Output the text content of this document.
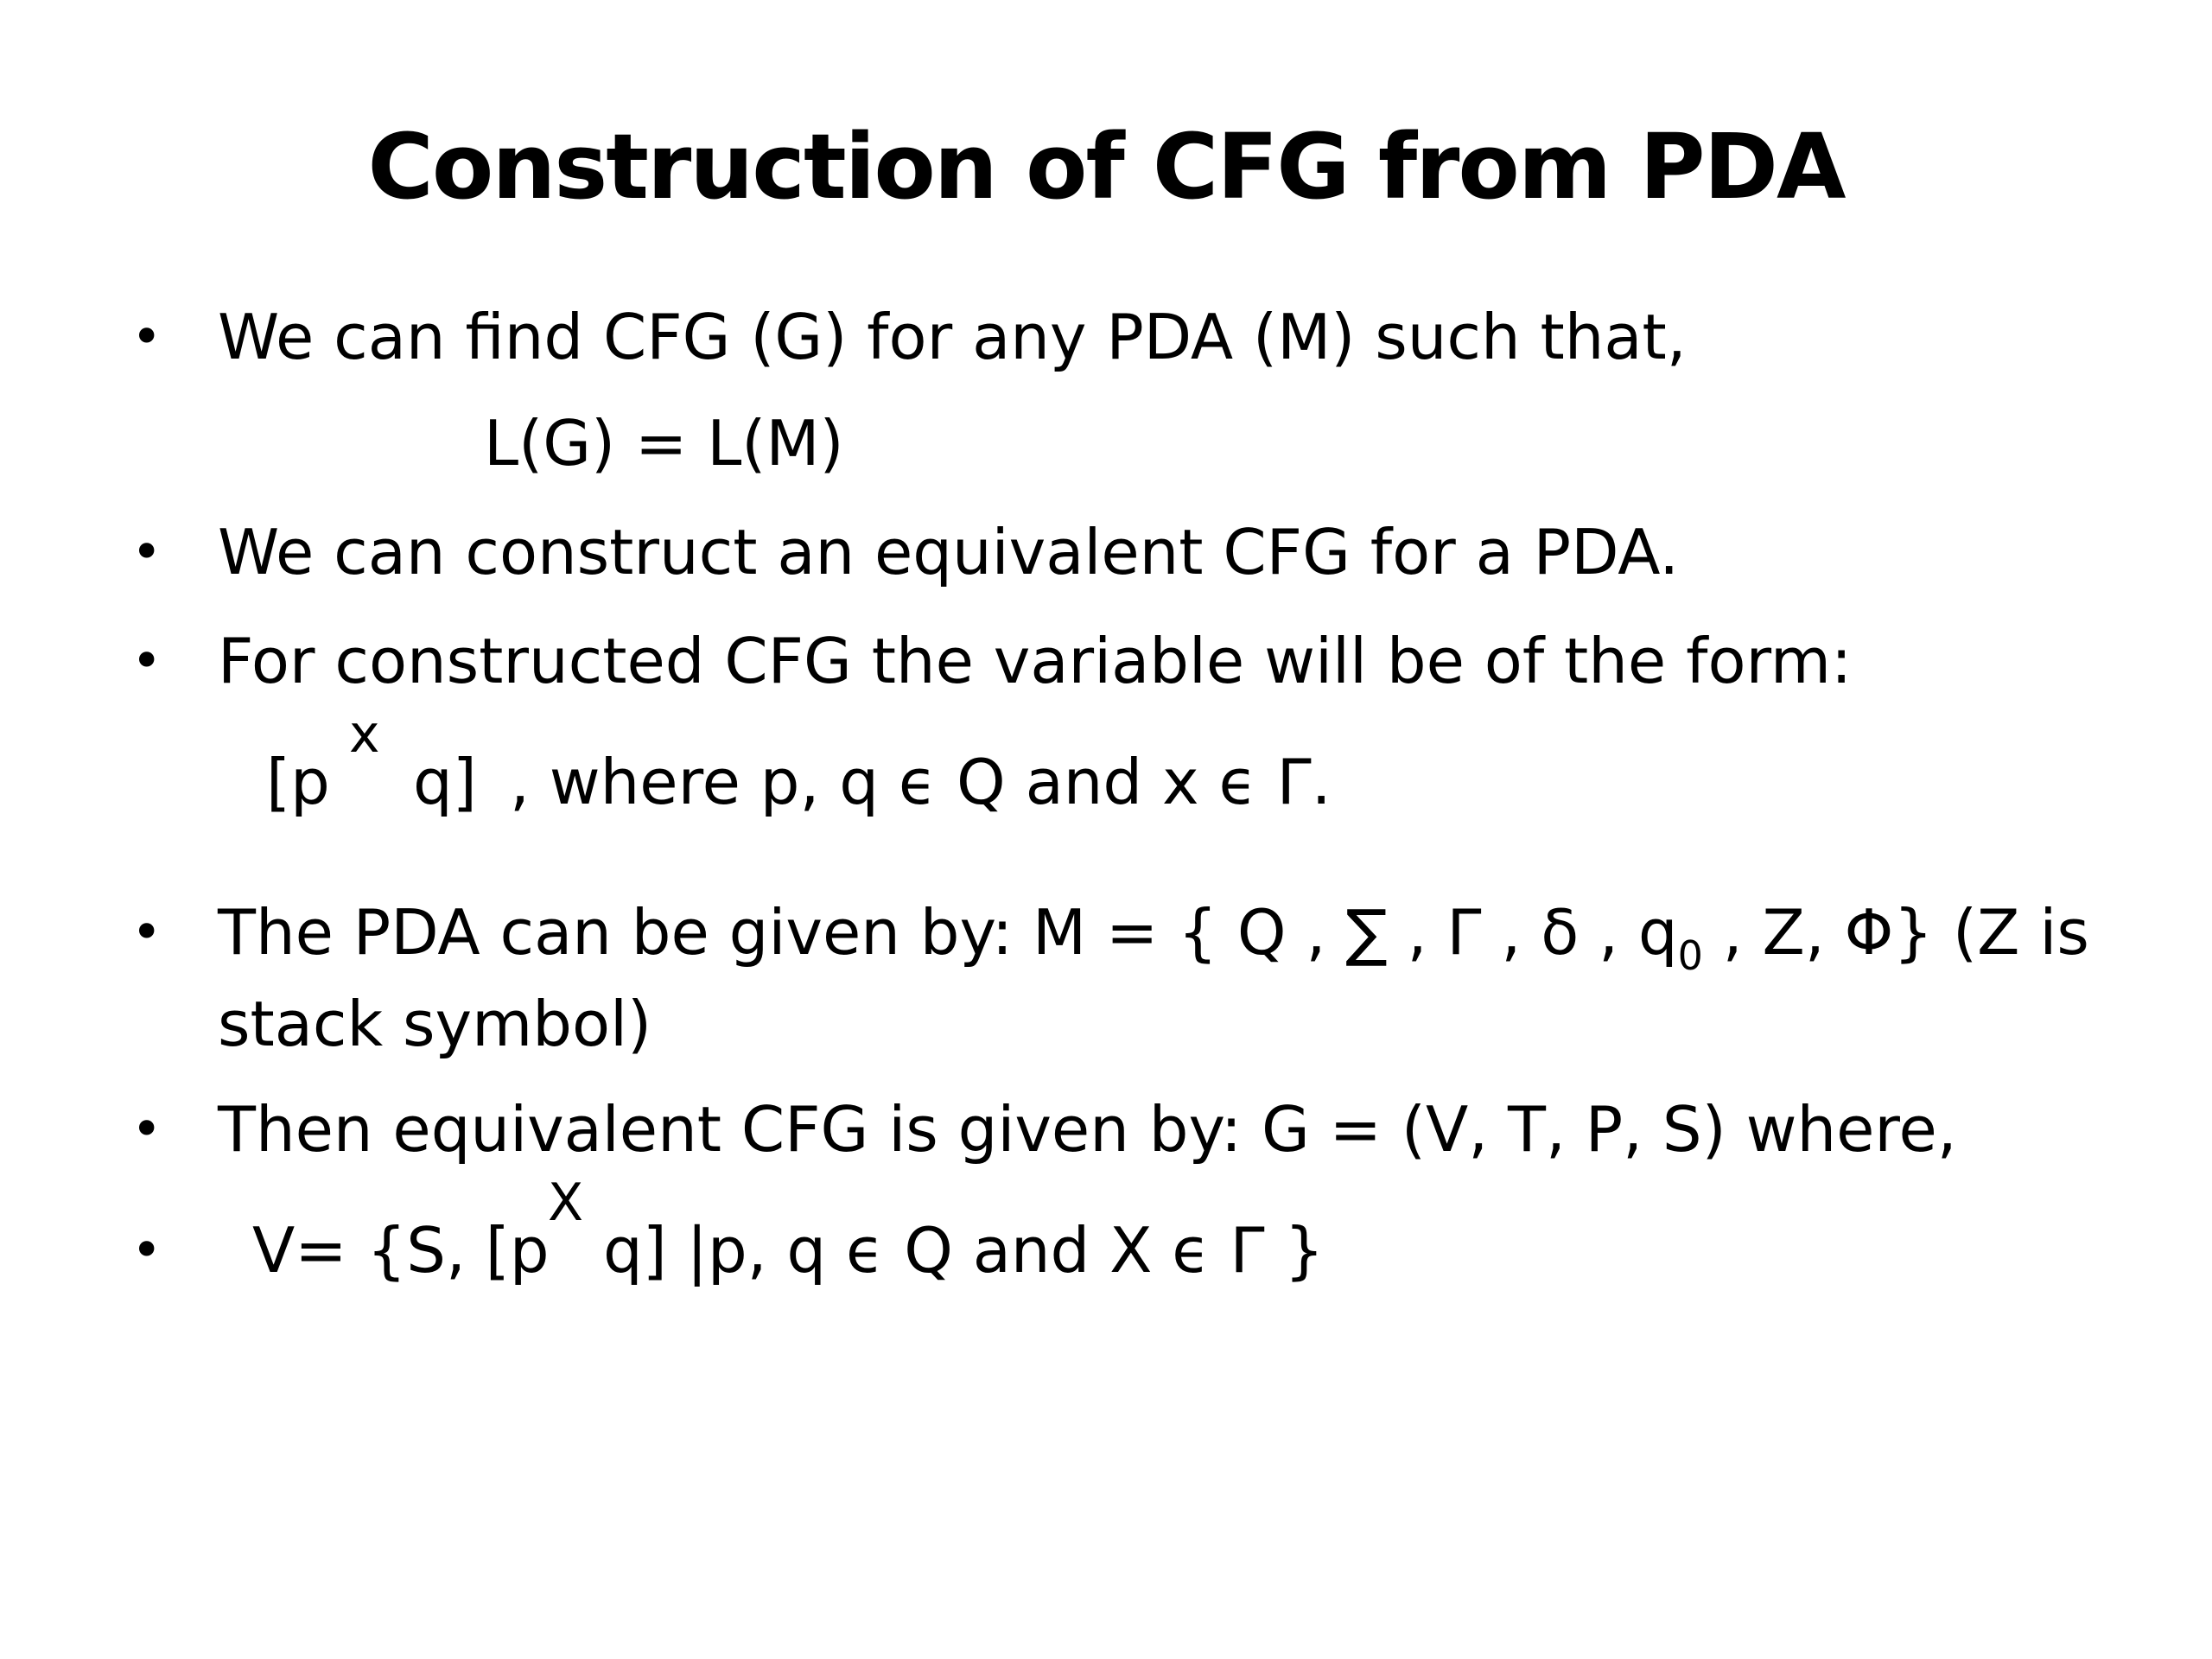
Construction of CFG from PDA
• We can find CFG (G) for any PDA (M) such that,
L(G) = L(M)
• We can construct an equivalent CFG for a PDA.
• For constructed CFG the variable will be of the form:
[p
x
q] , where p, q ϵ Q and x ϵ Γ.
• The PDA can be given by: M = { Q , ∑ , Γ , δ , $q_0$ , Z, Φ} (Z is
stack symbol)
• Then equivalent CFG is given by: G = (V, T, P, S) where,
• V= {S, [p
X
q] |p, q ϵ Q and X ϵ Γ }
